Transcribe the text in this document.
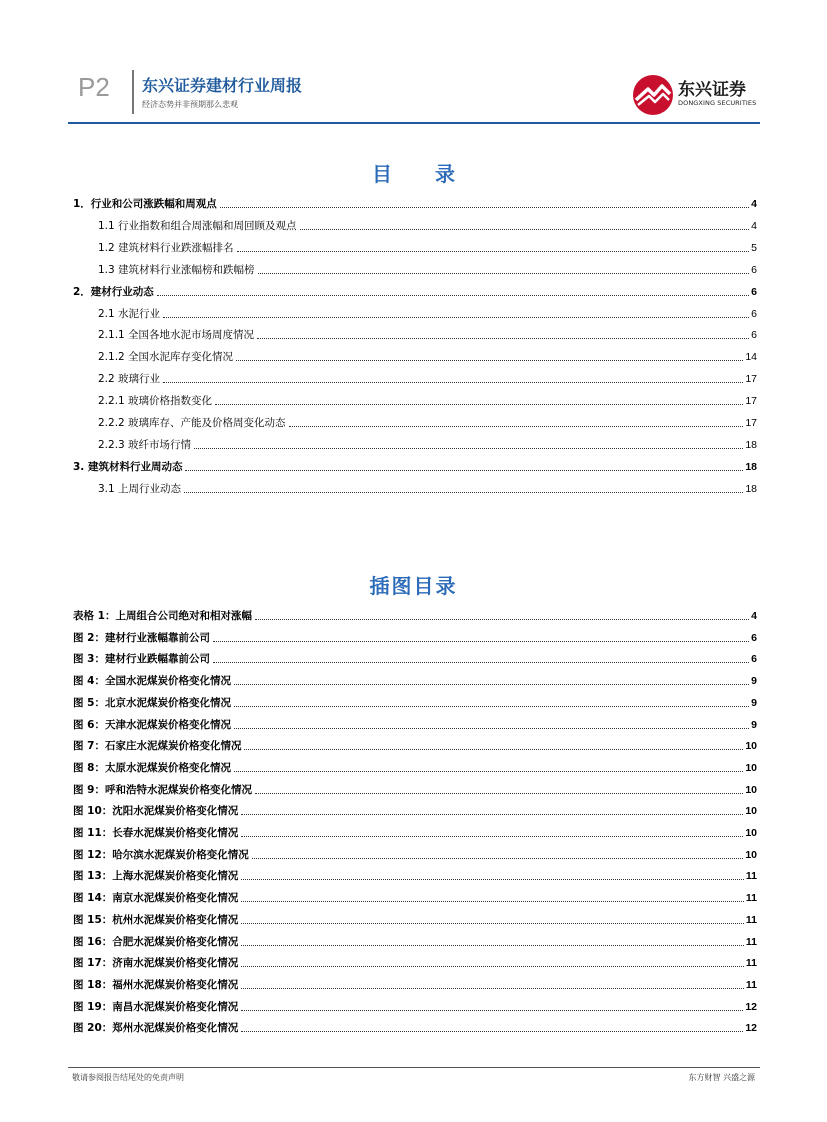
P2 东兴证券建材行业周报
经济态势并非预期那么悲观
东兴证券
DONGXING SECURITIES
目 录
1．行业和公司涨跌幅和周观点	4
1.1 行业指数和组合周涨幅和周回顾及观点	4
1.2 建筑材料行业跌涨幅排名	5
1.3 建筑材料行业涨幅榜和跌幅榜	6
2．建材行业动态	6
2.1 水泥行业	6
2.1.1 全国各地水泥市场周度情况	6
2.1.2 全国水泥库存变化情况	14
2.2 玻璃行业	17
2.2.1 玻璃价格指数变化	17
2.2.2 玻璃库存、产能及价格周变化动态	17
2.2.3 玻纤市场行情	18
3. 建筑材料行业周动态	18
3.1 上周行业动态	18
插图目录
表格 1：上周组合公司绝对和相对涨幅	4
图 2：建材行业涨幅靠前公司	6
图 3：建材行业跌幅靠前公司	6
图 4：全国水泥煤炭价格变化情况	9
图 5：北京水泥煤炭价格变化情况	9
图 6：天津水泥煤炭价格变化情况	9
图 7：石家庄水泥煤炭价格变化情况	10
图 8：太原水泥煤炭价格变化情况	10
图 9：呼和浩特水泥煤炭价格变化情况	10
图 10：沈阳水泥煤炭价格变化情况	10
图 11：长春水泥煤炭价格变化情况	10
图 12：哈尔滨水泥煤炭价格变化情况	10
图 13：上海水泥煤炭价格变化情况	11
图 14：南京水泥煤炭价格变化情况	11
图 15：杭州水泥煤炭价格变化情况	11
图 16：合肥水泥煤炭价格变化情况	11
图 17：济南水泥煤炭价格变化情况	11
图 18：福州水泥煤炭价格变化情况	11
图 19：南昌水泥煤炭价格变化情况	12
图 20：郑州水泥煤炭价格变化情况	12
敬请参阅报告结尾处的免责声明	东方财智 兴盛之源
